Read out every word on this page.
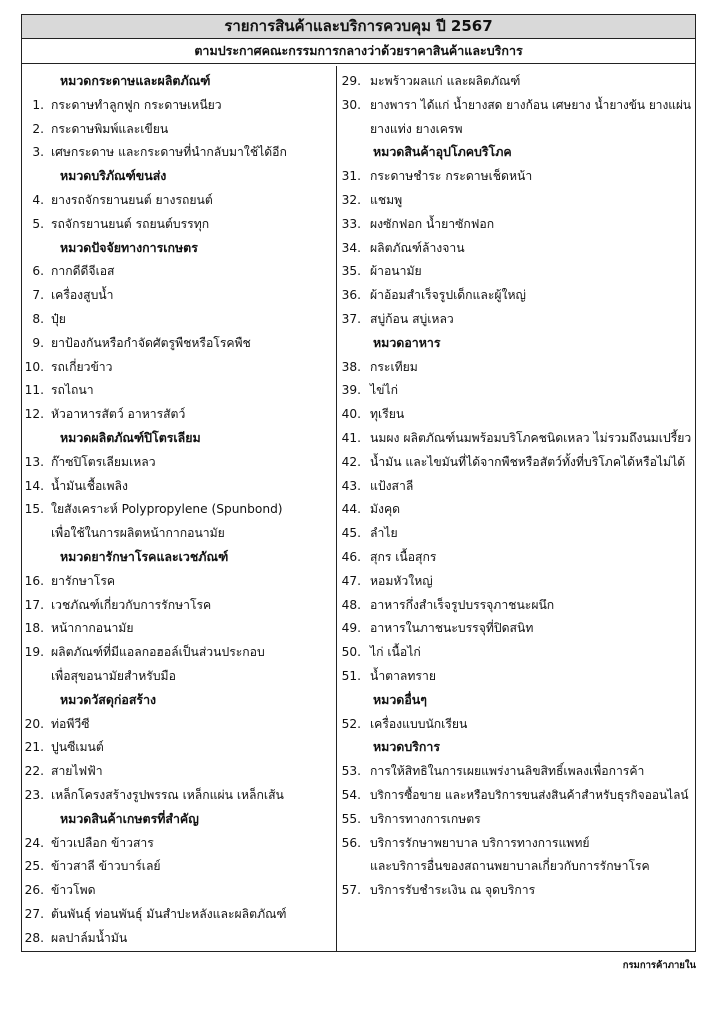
รายการสินค้าและบริการควบคุม ปี 2567
ตามประกาศคณะกรรมการกลางว่าด้วยราคาสินค้าและบริการ
หมวดกระดาษและผลิตภัณฑ์
1. กระดาษทำลูกฟูก กระดาษเหนียว
2. กระดาษพิมพ์และเขียน
3. เศษกระดาษ และกระดาษที่นำกลับมาใช้ได้อีก
หมวดบริภัณฑ์ขนส่ง
4. ยางรถจักรยานยนต์ ยางรถยนต์
5. รถจักรยานยนต์ รถยนต์บรรทุก
หมวดปัจจัยทางการเกษตร
6. กากดีดีจีเอส
7. เครื่องสูบน้ำ
8. ปุ๋ย
9. ยาป้องกันหรือกำจัดศัตรูพืชหรือโรคพืช
10. รถเกี่ยวข้าว
11. รถไถนา
12. หัวอาหารสัตว์ อาหารสัตว์
หมวดผลิตภัณฑ์ปิโตรเลียม
13. ก๊าซปิโตรเลียมเหลว
14. น้ำมันเชื้อเพลิง
15. ใยสังเคราะห์ Polypropylene (Spunbond)
เพื่อใช้ในการผลิตหน้ากากอนามัย
หมวดยารักษาโรคและเวชภัณฑ์
16. ยารักษาโรค
17. เวชภัณฑ์เกี่ยวกับการรักษาโรค
18. หน้ากากอนามัย
19. ผลิตภัณฑ์ที่มีแอลกอฮอล์เป็นส่วนประกอบ
เพื่อสุขอนามัยสำหรับมือ
หมวดวัสดุก่อสร้าง
20. ท่อพีวีซี
21. ปูนซีเมนต์
22. สายไฟฟ้า
23. เหล็กโครงสร้างรูปพรรณ เหล็กแผ่น เหล็กเส้น
หมวดสินค้าเกษตรที่สำคัญ
24. ข้าวเปลือก ข้าวสาร
25. ข้าวสาลี ข้าวบาร์เลย์
26. ข้าวโพด
27. ต้นพันธุ์ ท่อนพันธุ์ มันสำปะหลังและผลิตภัณฑ์
28. ผลปาล์มน้ำมัน
29. มะพร้าวผลแก่ และผลิตภัณฑ์
30. ยางพารา ได้แก่ น้ำยางสด ยางก้อน เศษยาง น้ำยางข้น ยางแผ่น
ยางแท่ง ยางเครพ
หมวดสินค้าอุปโภคบริโภค
31. กระดาษชำระ กระดาษเช็ดหน้า
32. แชมพู
33. ผงซักฟอก น้ำยาซักฟอก
34. ผลิตภัณฑ์ล้างจาน
35. ผ้าอนามัย
36. ผ้าอ้อมสำเร็จรูปเด็กและผู้ใหญ่
37. สบู่ก้อน สบู่เหลว
หมวดอาหาร
38. กระเทียม
39. ไข่ไก่
40. ทุเรียน
41. นมผง ผลิตภัณฑ์นมพร้อมบริโภคชนิดเหลว ไม่รวมถึงนมเปรี้ยว
42. น้ำมัน และไขมันที่ได้จากพืชหรือสัตว์ทั้งที่บริโภคได้หรือไม่ได้
43. แป้งสาลี
44. มังคุด
45. ลำไย
46. สุกร เนื้อสุกร
47. หอมหัวใหญ่
48. อาหารกึ่งสำเร็จรูปบรรจุภาชนะผนึก
49. อาหารในภาชนะบรรจุที่ปิดสนิท
50. ไก่ เนื้อไก่
51. น้ำตาลทราย
หมวดอื่นๆ
52. เครื่องแบบนักเรียน
หมวดบริการ
53. การให้สิทธิในการเผยแพร่งานลิขสิทธิ์เพลงเพื่อการค้า
54. บริการซื้อขาย และหรือบริการขนส่งสินค้าสำหรับธุรกิจออนไลน์
55. บริการทางการเกษตร
56. บริการรักษาพยาบาล บริการทางการแพทย์
และบริการอื่นของสถานพยาบาลเกี่ยวกับการรักษาโรค
57. บริการรับชำระเงิน ณ จุดบริการ
กรมการค้าภายใน
